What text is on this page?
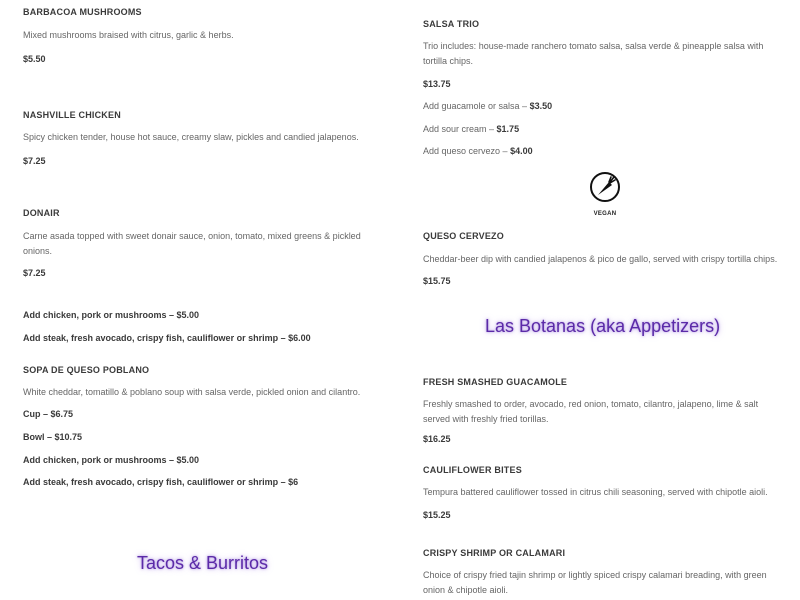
BARBACOA MUSHROOMS
Mixed mushrooms braised with citrus, garlic & herbs.
$5.50
NASHVILLE CHICKEN
Spicy chicken tender, house hot sauce, creamy slaw, pickles and candied jalapenos.
$7.25
DONAIR
Carne asada topped with sweet donair sauce, onion, tomato, mixed greens & pickled onions.
$7.25
Add chicken, pork or mushrooms – $5.00
Add steak, fresh avocado, crispy fish, cauliflower or shrimp – $6.00
SOPA DE QUESO POBLANO
White cheddar, tomatillo & poblano soup with salsa verde, pickled onion and cilantro.
Cup – $6.75
Bowl – $10.75
Add chicken, pork or mushrooms – $5.00
Add steak, fresh avocado, crispy fish, cauliflower or shrimp – $6
Tacos & Burritos
SALSA TRIO
Trio includes: house-made ranchero tomato salsa, salsa verde & pineapple salsa with tortilla chips.
$13.75
Add guacamole or salsa – $3.50
Add sour cream – $1.75
Add queso cervezo – $4.00
VEGAN
QUESO CERVEZO
Cheddar-beer dip with candied jalapenos & pico de gallo, served with crispy tortilla chips.
$15.75
Las Botanas (aka Appetizers)
FRESH SMASHED GUACAMOLE
Freshly smashed to order, avocado, red onion, tomato, cilantro, jalapeno, lime & salt served with freshly fried torillas.
$16.25
CAULIFLOWER BITES
Tempura battered cauliflower tossed in citrus chili seasoning, served with chipotle aioli.
$15.25
CRISPY SHRIMP OR CALAMARI
Choice of crispy fried tajin shrimp or lightly spiced crispy calamari breading, with green onion & chipotle aioli.
